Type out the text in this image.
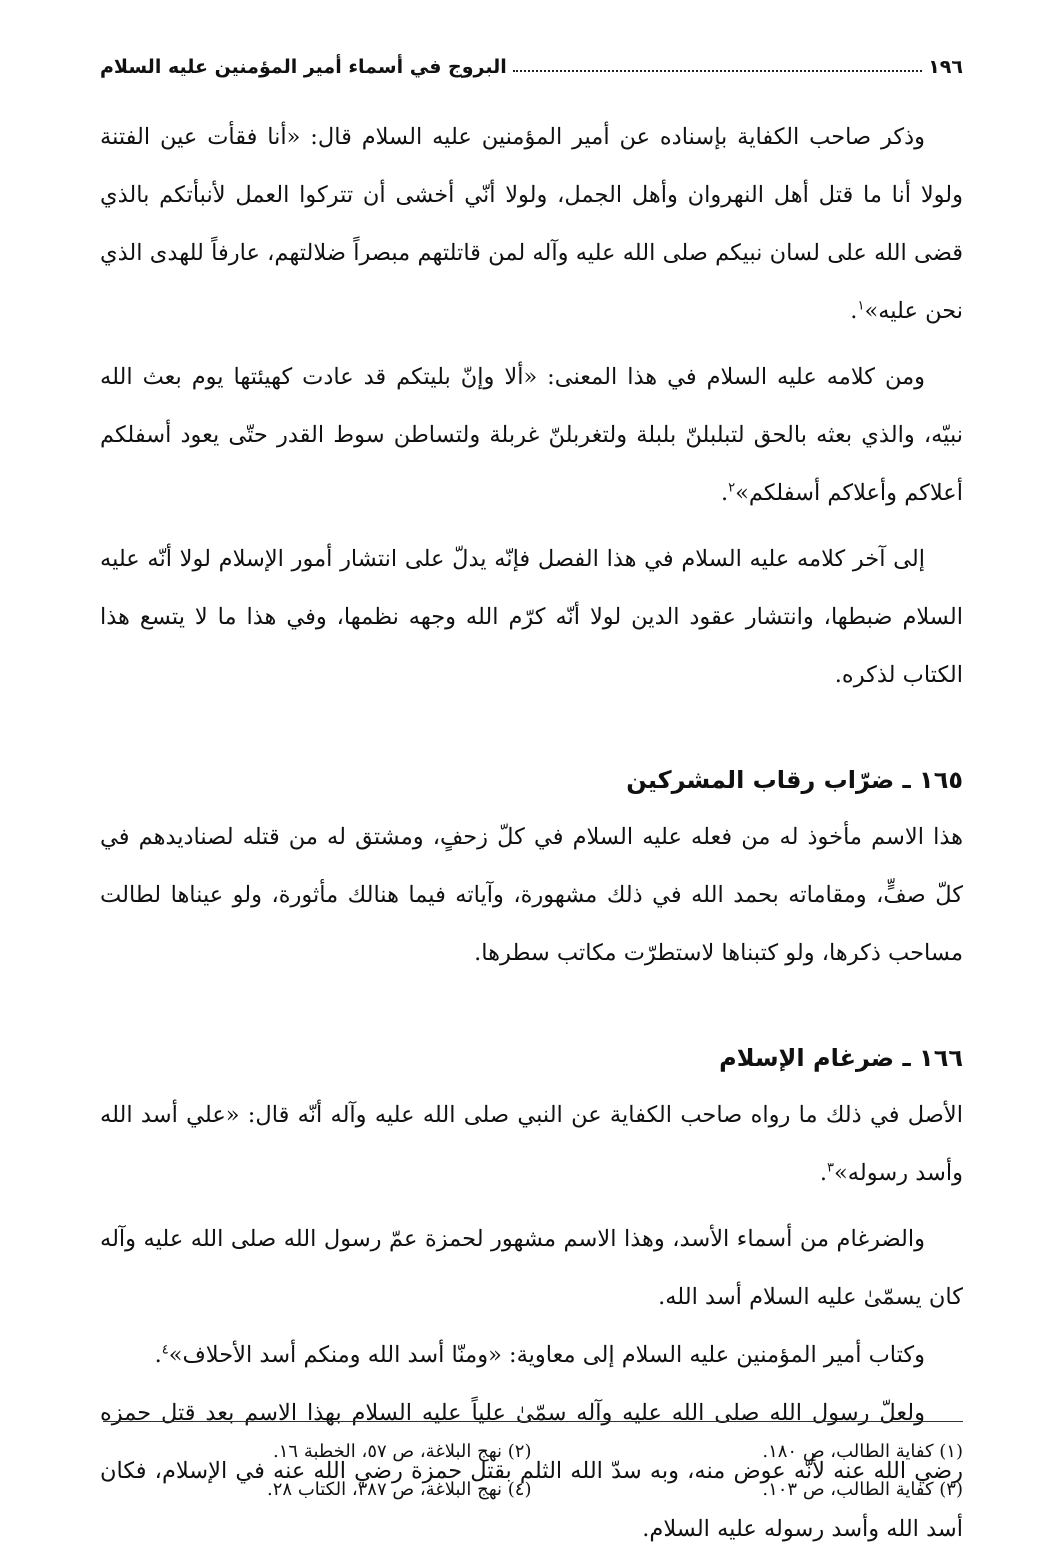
١٩٦
البروج في أسماء أمير المؤمنين عليه السلام

وذكر صاحب الكفاية بإسناده عن أمير المؤمنين عليه السلام قال: «أنا فقأت عين الفتنة ولولا أنا ما قتل أهل النهروان وأهل الجمل، ولولا أنّي أخشى أن تتركوا العمل لأنبأتكم بالذي قضى الله على لسان نبيكم صلى الله عليه وآله لمن قاتلتهم مبصراً ضلالتهم، عارفاً للهدى الذي نحن عليه»$^١$.

ومن كلامه عليه السلام في هذا المعنى: «ألا وإنّ بليتكم قد عادت كهيئتها يوم بعث الله نبيّه، والذي بعثه بالحق لتبلبلنّ بلبلة ولتغربلنّ غربلة ولتساطن سوط القدر حتّى يعود أسفلكم أعلاكم وأعلاكم أسفلكم»$^٢$.

إلى آخر كلامه عليه السلام في هذا الفصل فإنّه يدلّ على انتشار أمور الإسلام لولا أنّه عليه السلام ضبطها، وانتشار عقود الدين لولا أنّه كرّم الله وجهه نظمها، وفي هذا ما لا يتسع هذا الكتاب لذكره.

١٦٥ ـ ضرّاب رقاب المشركين

هذا الاسم مأخوذ له من فعله عليه السلام في كلّ زحفٍ، ومشتق له من قتله لصناديدهم في كلّ صفٍّ، ومقاماته بحمد الله في ذلك مشهورة، وآياته فيما هنالك مأثورة، ولو عيناها لطالت مساحب ذكرها، ولو كتبناها لاستطرّت مكاتب سطرها.

١٦٦ ـ ضرغام الإسلام

الأصل في ذلك ما رواه صاحب الكفاية عن النبي صلى الله عليه وآله أنّه قال: «علي أسد الله وأسد رسوله»$^٣$.

والضرغام من أسماء الأسد، وهذا الاسم مشهور لحمزة عمّ رسول الله صلى الله عليه وآله كان يسمّىٰ عليه السلام أسد الله.

وكتاب أمير المؤمنين عليه السلام إلى معاوية: «ومنّا أسد الله ومنكم أسد الأحلاف»$^٤$.

ولعلّ رسول الله صلى الله عليه وآله سمّىٰ علياً عليه السلام بهذا الاسم بعد قتل حمزه رضي الله عنه لأنّه عوض منه، وبه سدّ الله الثلم بقتل حمزة رضي الله عنه في الإسلام، فكان أسد الله وأسد رسوله عليه السلام.

(١) كفاية الطالب، ص ١٨٠.
(٢) نهج البلاغة، ص ٥٧، الخطبة ١٦.
(٣) كفاية الطالب، ص ١٠٣.
(٤) نهج البلاغة، ص ٣٨٧، الكتاب ٢٨.
